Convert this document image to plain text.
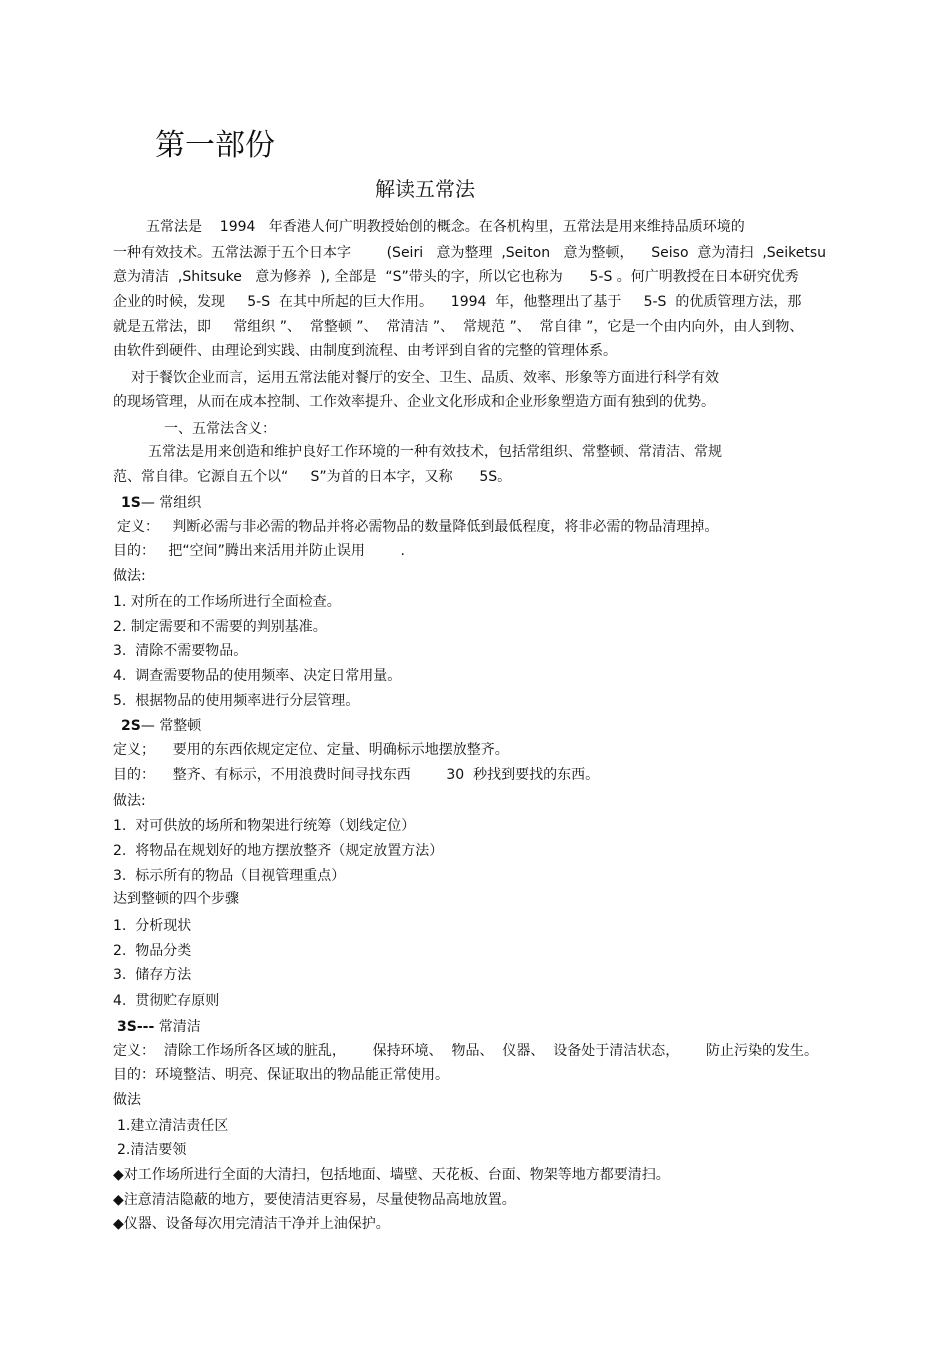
第一部份
解读五常法
五常法是    1994   年香港人何广明教授始创的概念。在各机构里，五常法是用来维持品质环境的
一种有效技术。五常法源于五个日本字        (Seiri   意为整理  ,Seiton   意为整顿，    Seiso  意为清扫  ,Seiketsu
意为清洁  ,Shitsuke   意为修养  ), 全部是  “S”带头的字，所以它也称为      5-S 。何广明教授在日本研究优秀
企业的时候，发现     5-S  在其中所起的巨大作用。    1994  年，他整理出了基于     5-S  的优质管理方法，那
就是五常法，即     常组织 ”、  常整顿 ”、  常清洁 ”、  常规范 ”、  常自律 ”，它是一个由内向外，由人到物、
由软件到硬件、由理论到实践、由制度到流程、由考评到自省的完整的管理体系。
对于餐饮企业而言，运用五常法能对餐厅的安全、卫生、品质、效率、形象等方面进行科学有效
的现场管理，从而在成本控制、工作效率提升、企业文化形成和企业形象塑造方面有独到的优势。
一、五常法含义：
五常法是用来创造和维护良好工作环境的一种有效技术，包括常组织、常整顿、常清洁、常规
范、常自律。它源自五个以“     S”为首的日本字，又称      5S。
1S— 常组织
定义：   判断必需与非必需的物品并将必需物品的数量降低到最低程度，将非必需的物品清理掉。
目的：   把“空间”腾出来活用并防止误用        .
做法:
1. 对所在的工作场所进行全面检查。
2. 制定需要和不需要的判别基准。
3.  清除不需要物品。
4.  调查需要物品的使用频率、决定日常用量。
5.  根据物品的使用频率进行分层管理。
2S— 常整顿
定义；    要用的东西依规定定位、定量、明确标示地摆放整齐。
目的：    整齐、有标示，不用浪费时间寻找东西        30  秒找到要找的东西。
做法:
1.  对可供放的场所和物架进行统筹（划线定位）
2.  将物品在规划好的地方摆放整齐（规定放置方法）
3.  标示所有的物品（目视管理重点）
达到整顿的四个步骤
1.  分析现状
2.  物品分类
3.  储存方法
4.  贯彻贮存原则
3S--- 常清洁
定义：  清除工作场所各区域的脏乱，      保持环境、  物品、  仪器、  设备处于清洁状态，      防止污染的发生。
目的：环境整洁、明亮、保证取出的物品能正常使用。
做法
1.建立清洁责任区
2.清洁要领
◆对工作场所进行全面的大清扫，包括地面、墙壁、天花板、台面、物架等地方都要清扫。
◆注意清洁隐蔽的地方，要使清洁更容易，尽量使物品高地放置。
◆仪器、设备每次用完清洁干净并上油保护。
